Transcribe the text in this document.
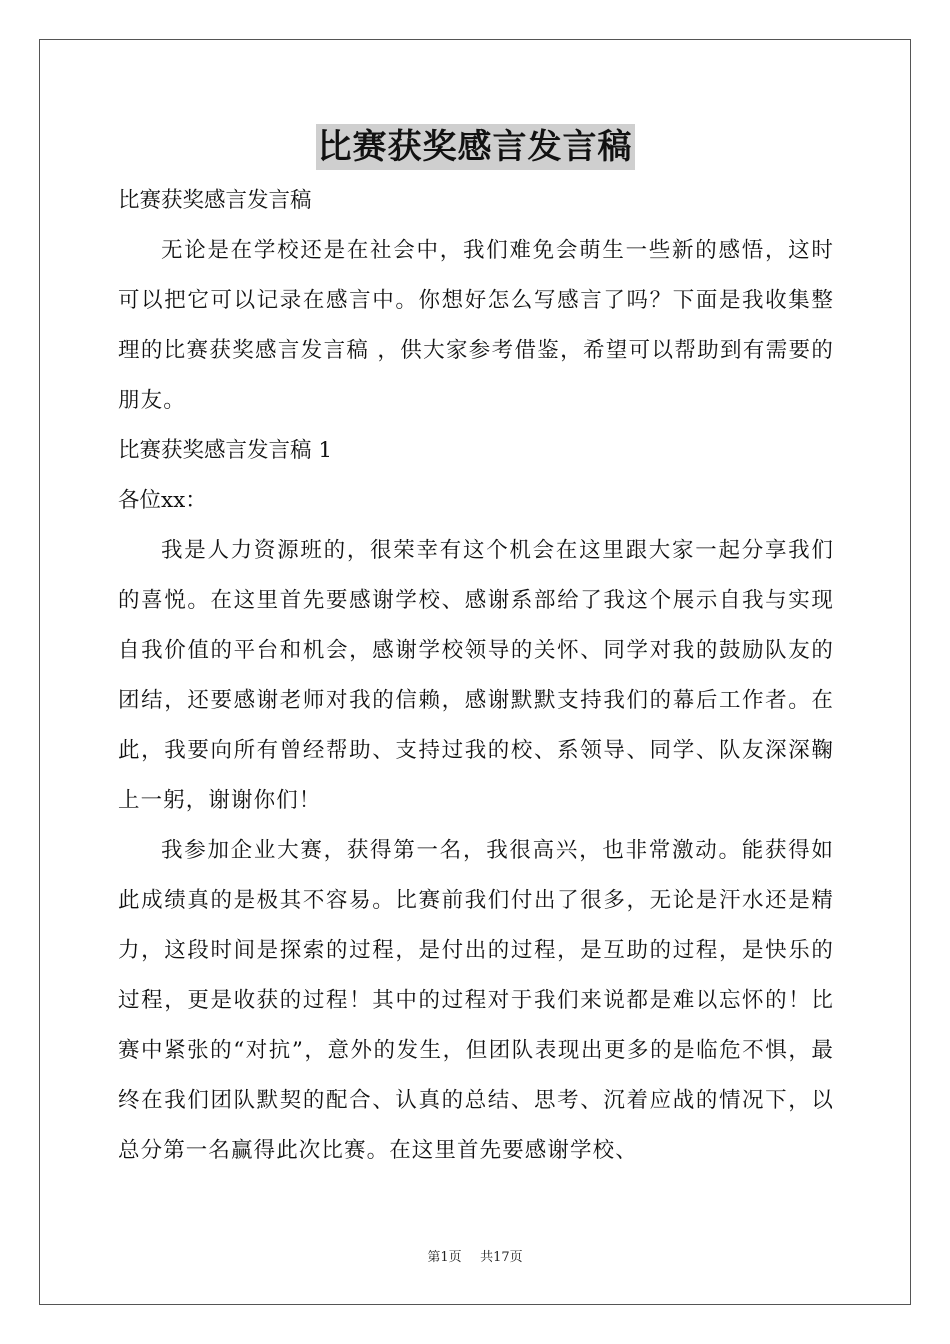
比赛获奖感言发言稿
比赛获奖感言发言稿

无论是在学校还是在社会中，我们难免会萌生一些新的感悟，这时可以把它可以记录在感言中。你想好怎么写感言了吗？下面是我收集整理的比赛获奖感言发言稿 ，供大家参考借鉴，希望可以帮助到有需要的朋友。

比赛获奖感言发言稿 1
各位xx：

我是人力资源班的，很荣幸有这个机会在这里跟大家一起分享我们的喜悦。在这里首先要感谢学校、感谢系部给了我这个展示自我与实现自我价值的平台和机会，感谢学校领导的关怀、同学对我的鼓励队友的团结，还要感谢老师对我的信赖，感谢默默支持我们的幕后工作者。在此，我要向所有曾经帮助、支持过我的校、系领导、同学、队友深深鞠上一躬，谢谢你们！

我参加企业大赛，获得第一名，我很高兴，也非常激动。能获得如此成绩真的是极其不容易。比赛前我们付出了很多，无论是汗水还是精力，这段时间是探索的过程，是付出的过程，是互助的过程，是快乐的过程，更是收获的过程！其中的过程对于我们来说都是难以忘怀的！比赛中紧张的“对抗”，意外的发生，但团队表现出更多的是临危不惧，最终在我们团队默契的配合、认真的总结、思考、沉着应战的情况下，以总分第一名赢得此次比赛。在这里首先要感谢学校、

第1页 共17页
